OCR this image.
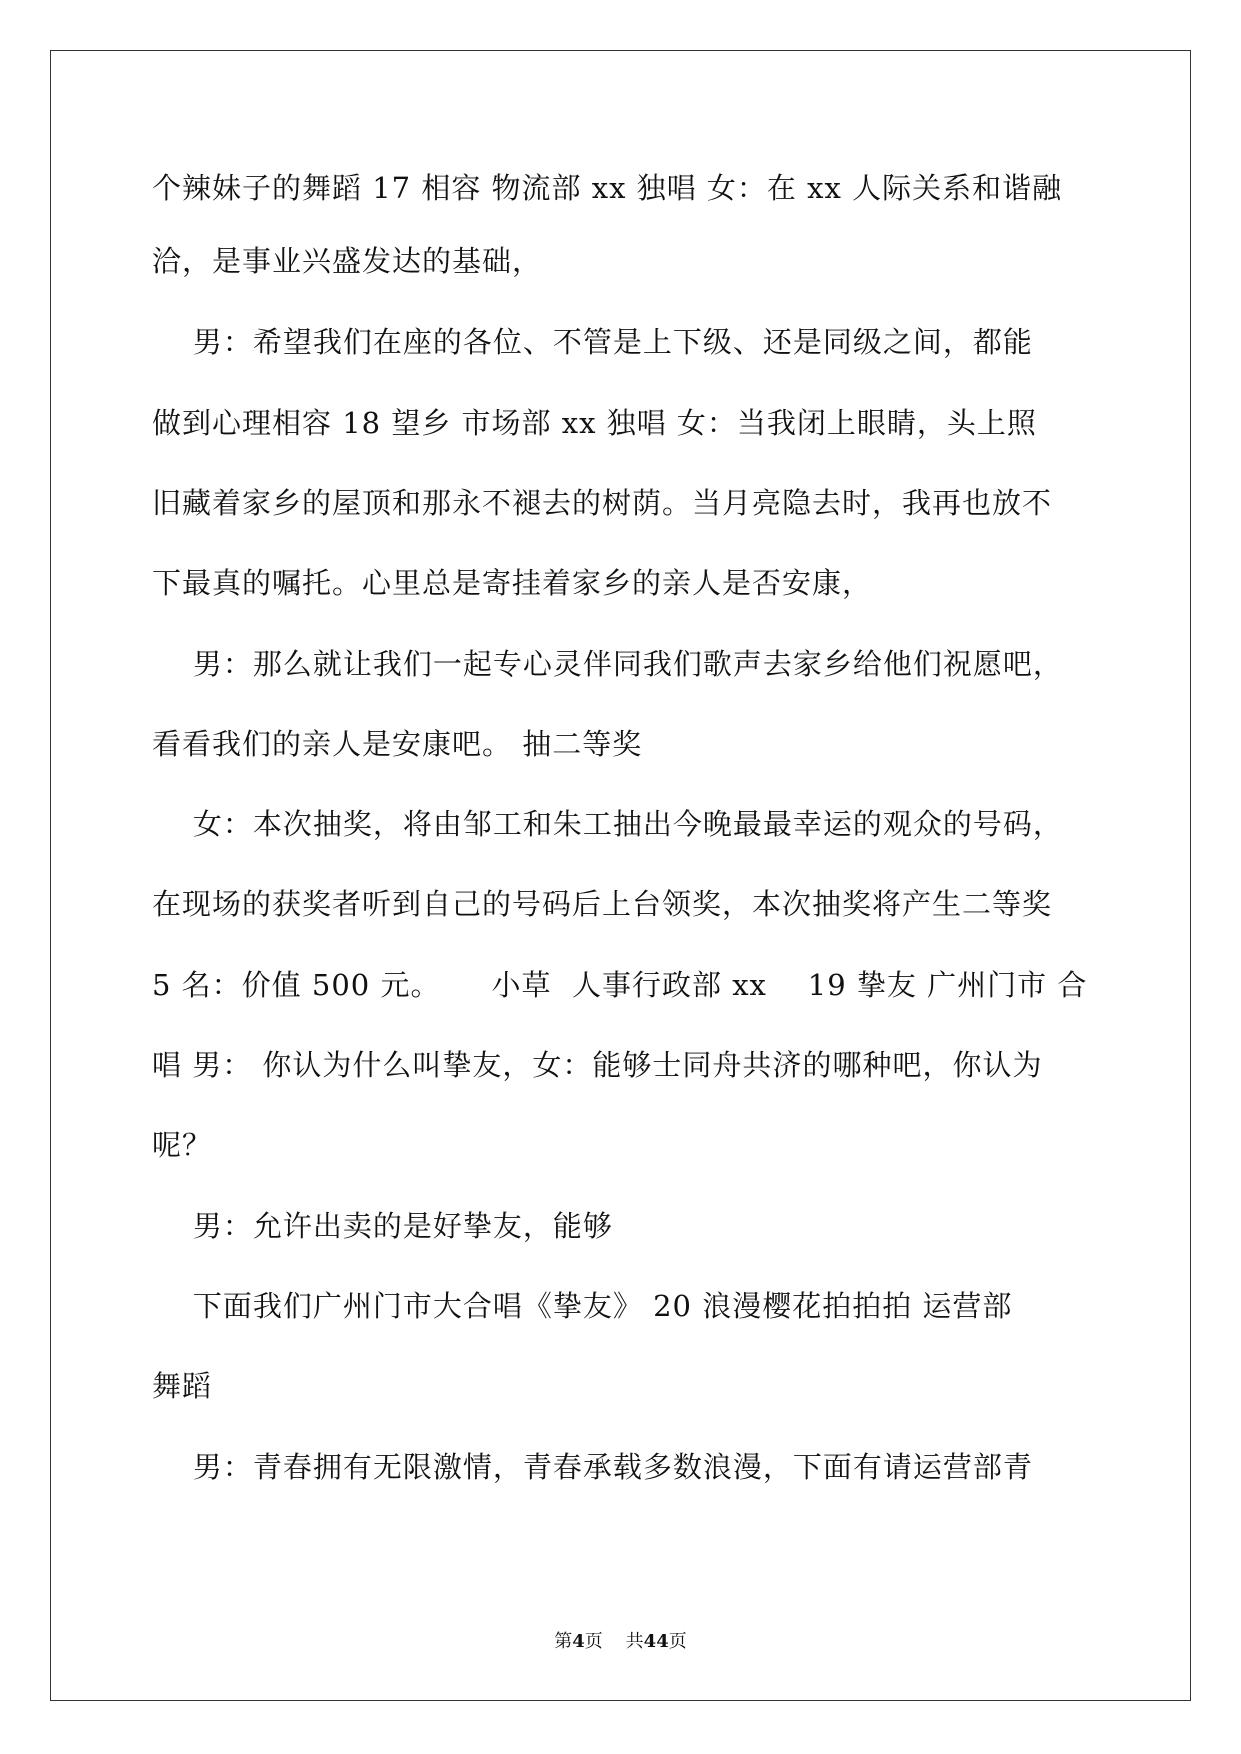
个辣妹子的舞蹈 17 相容 物流部 xx 独唱 女：在 xx 人际关系和谐融
洽，是事业兴盛发达的基础，
男：希望我们在座的各位、不管是上下级、还是同级之间，都能
做到心理相容 18 望乡 市场部 xx 独唱 女：当我闭上眼睛，头上照
旧藏着家乡的屋顶和那永不褪去的树荫。当月亮隐去时，我再也放不
下最真的嘱托。心里总是寄挂着家乡的亲人是否安康，
男：那么就让我们一起专心灵伴同我们歌声去家乡给他们祝愿吧，
看看我们的亲人是安康吧。 抽二等奖
女：本次抽奖，将由邹工和朱工抽出今晚最最幸运的观众的号码，
在现场的获奖者听到自己的号码后上台领奖，本次抽奖将产生二等奖
5 名：价值 500 元。     小草  人事行政部 xx    19 挚友 广州门市 合
唱 男： 你认为什么叫挚友，女：能够士同舟共济的哪种吧，你认为
呢？
男：允许出卖的是好挚友，能够
下面我们广州门市大合唱《挚友》 20 浪漫樱花拍拍拍 运营部
舞蹈
男：青春拥有无限激情，青春承载多数浪漫，下面有请运营部青
第4页    共44页
